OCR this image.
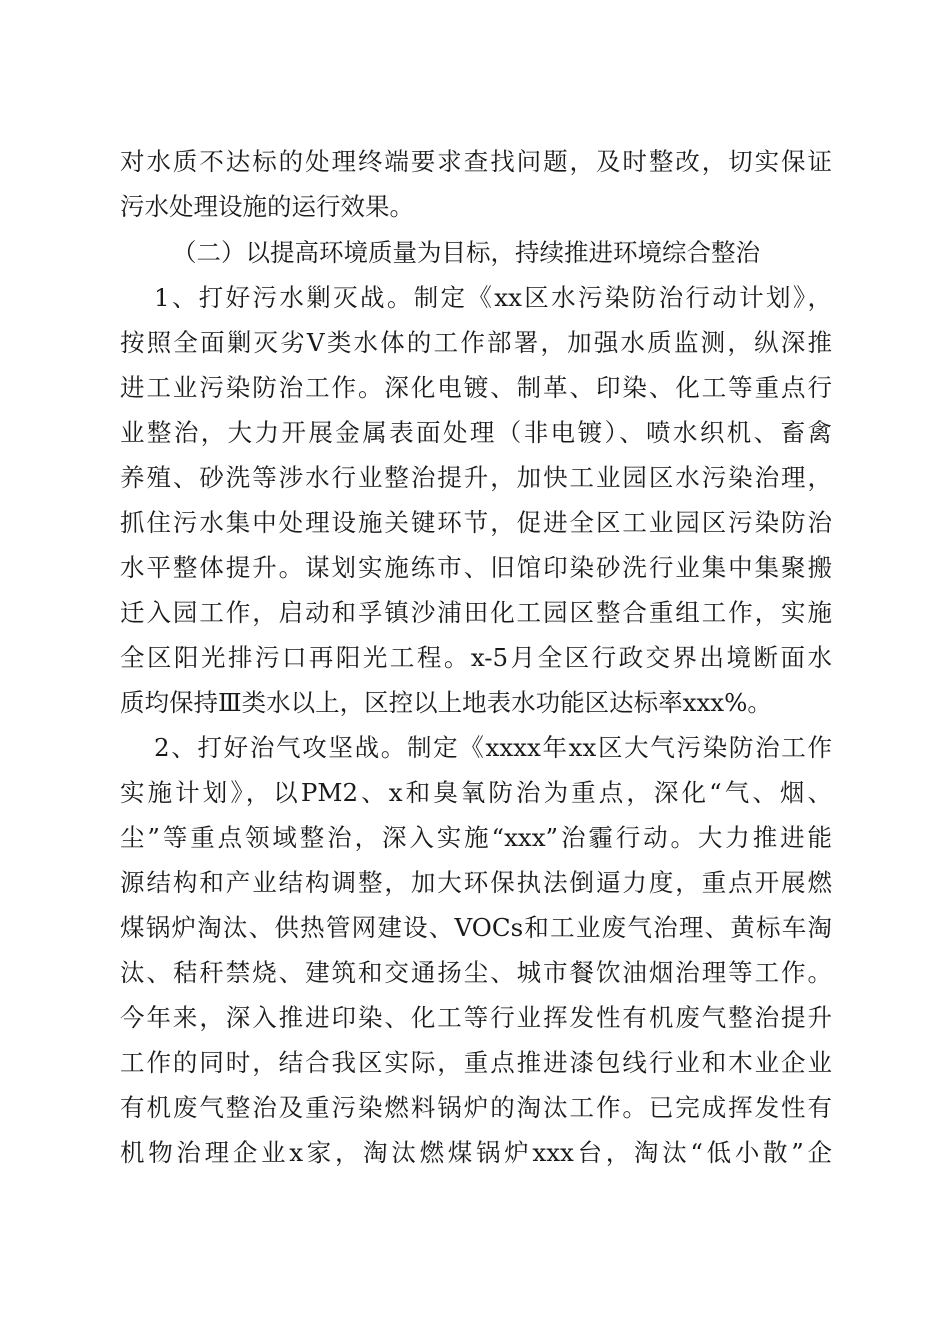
对水质不达标的处理终端要求查找问题，及时整改，切实保证
污水处理设施的运行效果。
（二）以提高环境质量为目标，持续推进环境综合整治
1、打好污水剿灭战。制定《xx区水污染防治行动计划》，
按照全面剿灭劣Ⅴ类水体的工作部署，加强水质监测，纵深推
进工业污染防治工作。深化电镀、制革、印染、化工等重点行
业整治，大力开展金属表面处理（非电镀）、喷水织机、畜禽
养殖、砂洗等涉水行业整治提升，加快工业园区水污染治理，
抓住污水集中处理设施关键环节，促进全区工业园区污染防治
水平整体提升。谋划实施练市、旧馆印染砂洗行业集中集聚搬
迁入园工作，启动和孚镇沙浦田化工园区整合重组工作，实施
全区阳光排污口再阳光工程。x-5月全区行政交界出境断面水
质均保持Ⅲ类水以上，区控以上地表水功能区达标率xxx%。
2、打好治气攻坚战。制定《xxxx年xx区大气污染防治工作
实施计划》，以PM2、x和臭氧防治为重点，深化“气、烟、
尘”等重点领域整治，深入实施“xxx”治霾行动。大力推进能
源结构和产业结构调整，加大环保执法倒逼力度，重点开展燃
煤锅炉淘汰、供热管网建设、VOCs和工业废气治理、黄标车淘
汰、秸秆禁烧、建筑和交通扬尘、城市餐饮油烟治理等工作。
今年来，深入推进印染、化工等行业挥发性有机废气整治提升
工作的同时，结合我区实际，重点推进漆包线行业和木业企业
有机废气整治及重污染燃料锅炉的淘汰工作。已完成挥发性有
机物治理企业x家，淘汰燃煤锅炉xxx台，淘汰“低小散”企
